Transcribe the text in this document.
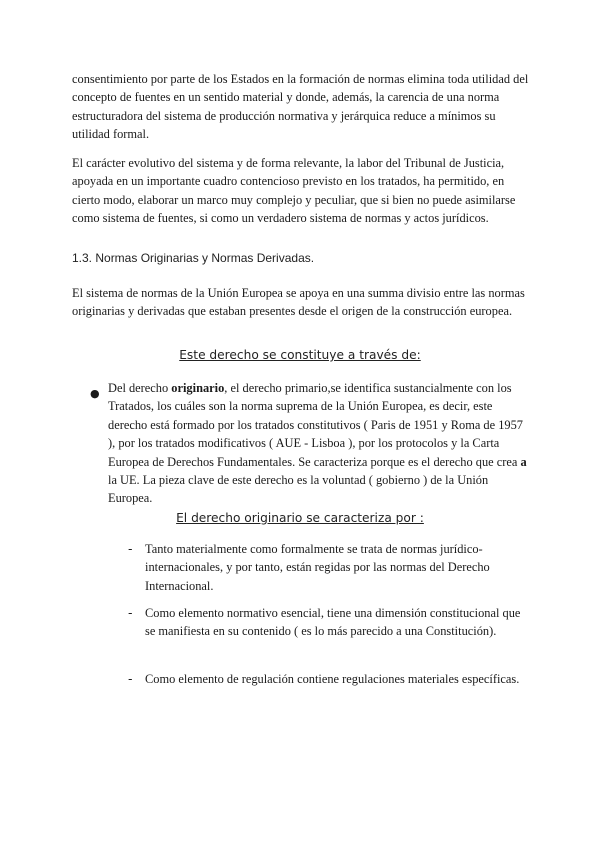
consentimiento por parte de los Estados en la formación de normas elimina toda utilidad del concepto de fuentes en un sentido material y donde, además, la carencia de una norma estructuradora del sistema de producción normativa y jerárquica reduce a mínimos su utilidad formal.

El carácter evolutivo del sistema y de forma relevante, la labor del Tribunal de Justicia, apoyada en un importante cuadro contencioso previsto en los tratados, ha permitido, en cierto modo, elaborar un marco muy complejo y peculiar, que si bien no puede asimilarse como sistema de fuentes, si como un verdadero sistema de normas y actos jurídicos.

1.3. Normas Originarias y Normas Derivadas.

El sistema de normas de la Unión Europea se apoya en una summa divisio entre las normas originarias y derivadas que estaban presentes desde el origen de la construcción europea.

Este derecho se constituye a través de:
● Del derecho originario, el derecho primario,se identifica sustancialmente con los Tratados, los cuáles son la norma suprema de la Unión Europea, es decir, este derecho está formado por los tratados constitutivos ( Paris de 1951 y Roma de 1957 ), por los tratados modificativos ( AUE - Lisboa ), por los protocolos y la Carta Europea de Derechos Fundamentales. Se caracteriza porque es el derecho que crea a la UE. La pieza clave de este derecho es la voluntad ( gobierno ) de la Unión Europea.

El derecho originario se caracteriza por :
- Tanto materialmente como formalmente se trata de normas jurídico-internacionales, y por tanto, están regidas por las normas del Derecho Internacional.

- Como elemento normativo esencial, tiene una dimensión constitucional que se manifiesta en su contenido ( es lo más parecido a una Constitución).

- Como elemento de regulación contiene regulaciones materiales específicas.
